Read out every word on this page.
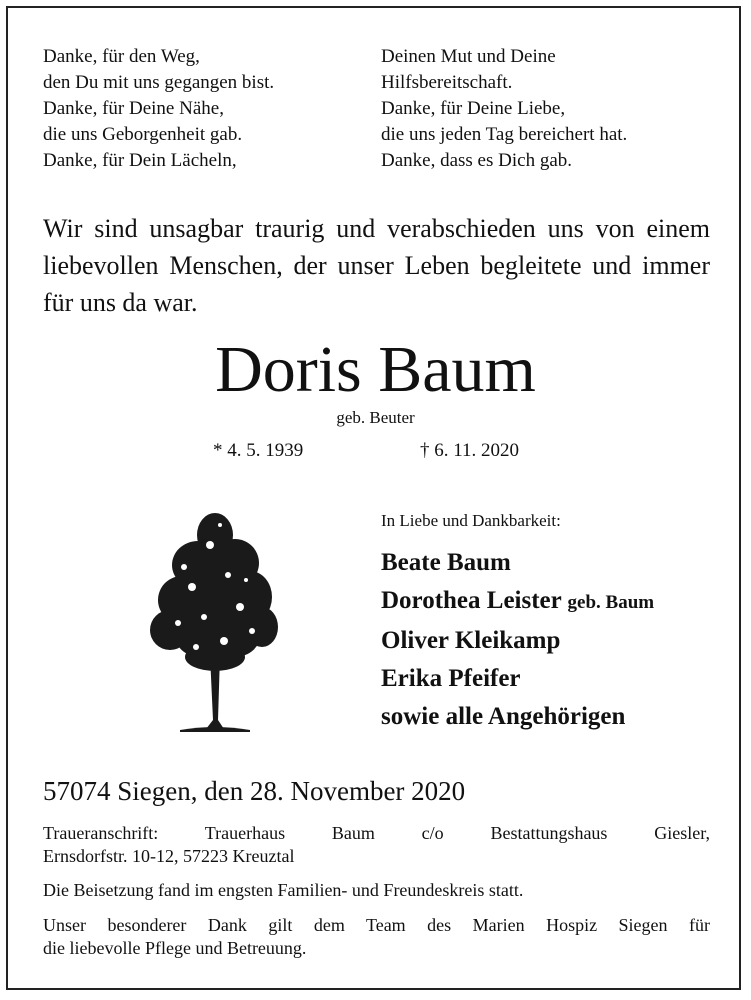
Danke, für den Weg,
den Du mit uns gegangen bist.
Danke, für Deine Nähe,
die uns Geborgenheit gab.
Danke, für Dein Lächeln,
Deinen Mut und Deine
Hilfsbereitschaft.
Danke, für Deine Liebe,
die uns jeden Tag bereichert hat.
Danke, dass es Dich gab.
Wir sind unsagbar traurig und verabschieden uns von einem liebevollen Menschen, der unser Leben begleitete und immer für uns da war.
Doris Baum
geb. Beuter
* 4. 5. 1939	† 6. 11. 2020
In Liebe und Dankbarkeit:
Beate Baum
Dorothea Leister geb. Baum
Oliver Kleikamp
Erika Pfeifer
sowie alle Angehörigen
57074 Siegen, den 28. November 2020
Traueranschrift: Trauerhaus Baum c/o Bestattungshaus Giesler,
Ernsdorfstr. 10-12, 57223 Kreuztal
Die Beisetzung fand im engsten Familien- und Freundeskreis statt.
Unser besonderer Dank gilt dem Team des Marien Hospiz Siegen für
die liebevolle Pflege und Betreuung.
